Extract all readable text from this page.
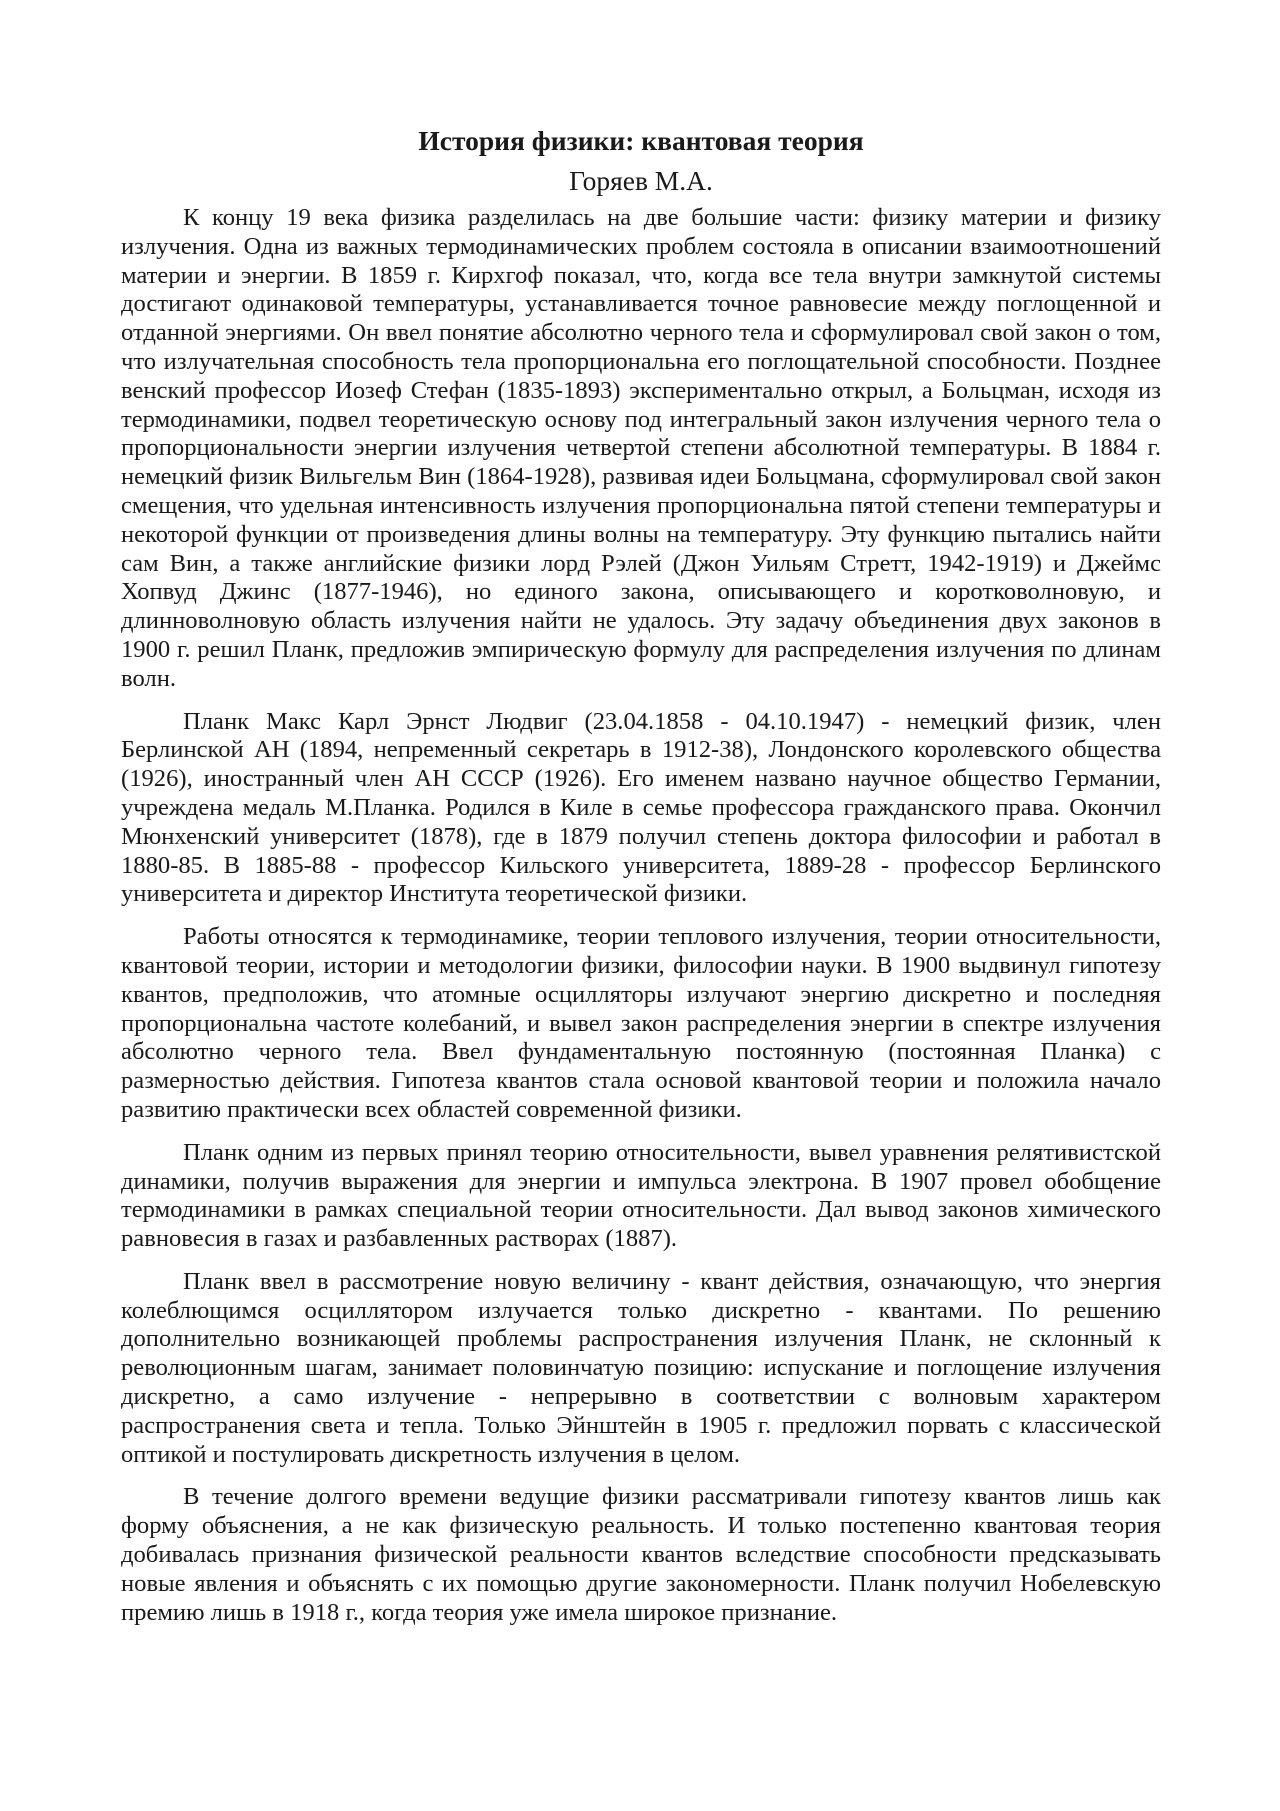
История физики: квантовая теория
Горяев М.А.

К концу 19 века физика разделилась на две большие части: физику материи и физику излучения. Одна из важных термодинамических проблем состояла в описании взаимоотношений материи и энергии. В 1859 г. Кирхгоф показал, что, когда все тела внутри замкнутой системы достигают одинаковой температуры, устанавливается точное равновесие между поглощенной и отданной энергиями. Он ввел понятие абсолютно черного тела и сформулировал свой закон о том, что излучательная способность тела пропорциональна его поглощательной способности. Позднее венский профессор Иозеф Стефан (1835-1893) экспериментально открыл, а Больцман, исходя из термодинамики, подвел теоретическую основу под интегральный закон излучения черного тела о пропорциональности энергии излучения четвертой степени абсолютной температуры. В 1884 г. немецкий физик Вильгельм Вин (1864-1928), развивая идеи Больцмана, сформулировал свой закон смещения, что удельная интенсивность излучения пропорциональна пятой степени температуры и некоторой функции от произведения длины волны на температуру. Эту функцию пытались найти сам Вин, а также английские физики лорд Рэлей (Джон Уильям Стретт, 1942-1919) и Джеймс Хопвуд Джинс (1877-1946), но единого закона, описывающего и коротковолновую, и длинноволновую область излучения найти не удалось. Эту задачу объединения двух законов в 1900 г. решил Планк, предложив эмпирическую формулу для распределения излучения по длинам волн.

Планк Макс Карл Эрнст Людвиг (23.04.1858 - 04.10.1947) - немецкий физик, член Берлинской АН (1894, непременный секретарь в 1912-38), Лондонского королевского общества (1926), иностранный член АН СССР (1926). Его именем названо научное общество Германии, учреждена медаль М.Планка. Родился в Киле в семье профессора гражданского права. Окончил Мюнхенский университет (1878), где в 1879 получил степень доктора философии и работал в 1880-85. В 1885-88 - профессор Кильского университета, 1889-28 - профессор Берлинского университета и директор Института теоретической физики.

Работы относятся к термодинамике, теории теплового излучения, теории относительности, квантовой теории, истории и методологии физики, философии науки. В 1900 выдвинул гипотезу квантов, предположив, что атомные осцилляторы излучают энергию дискретно и последняя пропорциональна частоте колебаний, и вывел закон распределения энергии в спектре излучения абсолютно черного тела. Ввел фундаментальную постоянную (постоянная Планка) с размерностью действия. Гипотеза квантов стала основой квантовой теории и положила начало развитию практически всех областей современной физики.

Планк одним из первых принял теорию относительности, вывел уравнения релятивистской динамики, получив выражения для энергии и импульса электрона. В 1907 провел обобщение термодинамики в рамках специальной теории относительности. Дал вывод законов химического равновесия в газах и разбавленных растворах (1887).

Планк ввел в рассмотрение новую величину - квант действия, означающую, что энергия колеблющимся осциллятором излучается только дискретно - квантами. По решению дополнительно возникающей проблемы распространения излучения Планк, не склонный к революционным шагам, занимает половинчатую позицию: испускание и поглощение излучения дискретно, а само излучение - непрерывно в соответствии с волновым характером распространения света и тепла. Только Эйнштейн в 1905 г. предложил порвать с классической оптикой и постулировать дискретность излучения в целом.

В течение долгого времени ведущие физики рассматривали гипотезу квантов лишь как форму объяснения, а не как физическую реальность. И только постепенно квантовая теория добивалась признания физической реальности квантов вследствие способности предсказывать новые явления и объяснять с их помощью другие закономерности. Планк получил Нобелевскую премию лишь в 1918 г., когда теория уже имела широкое признание.
